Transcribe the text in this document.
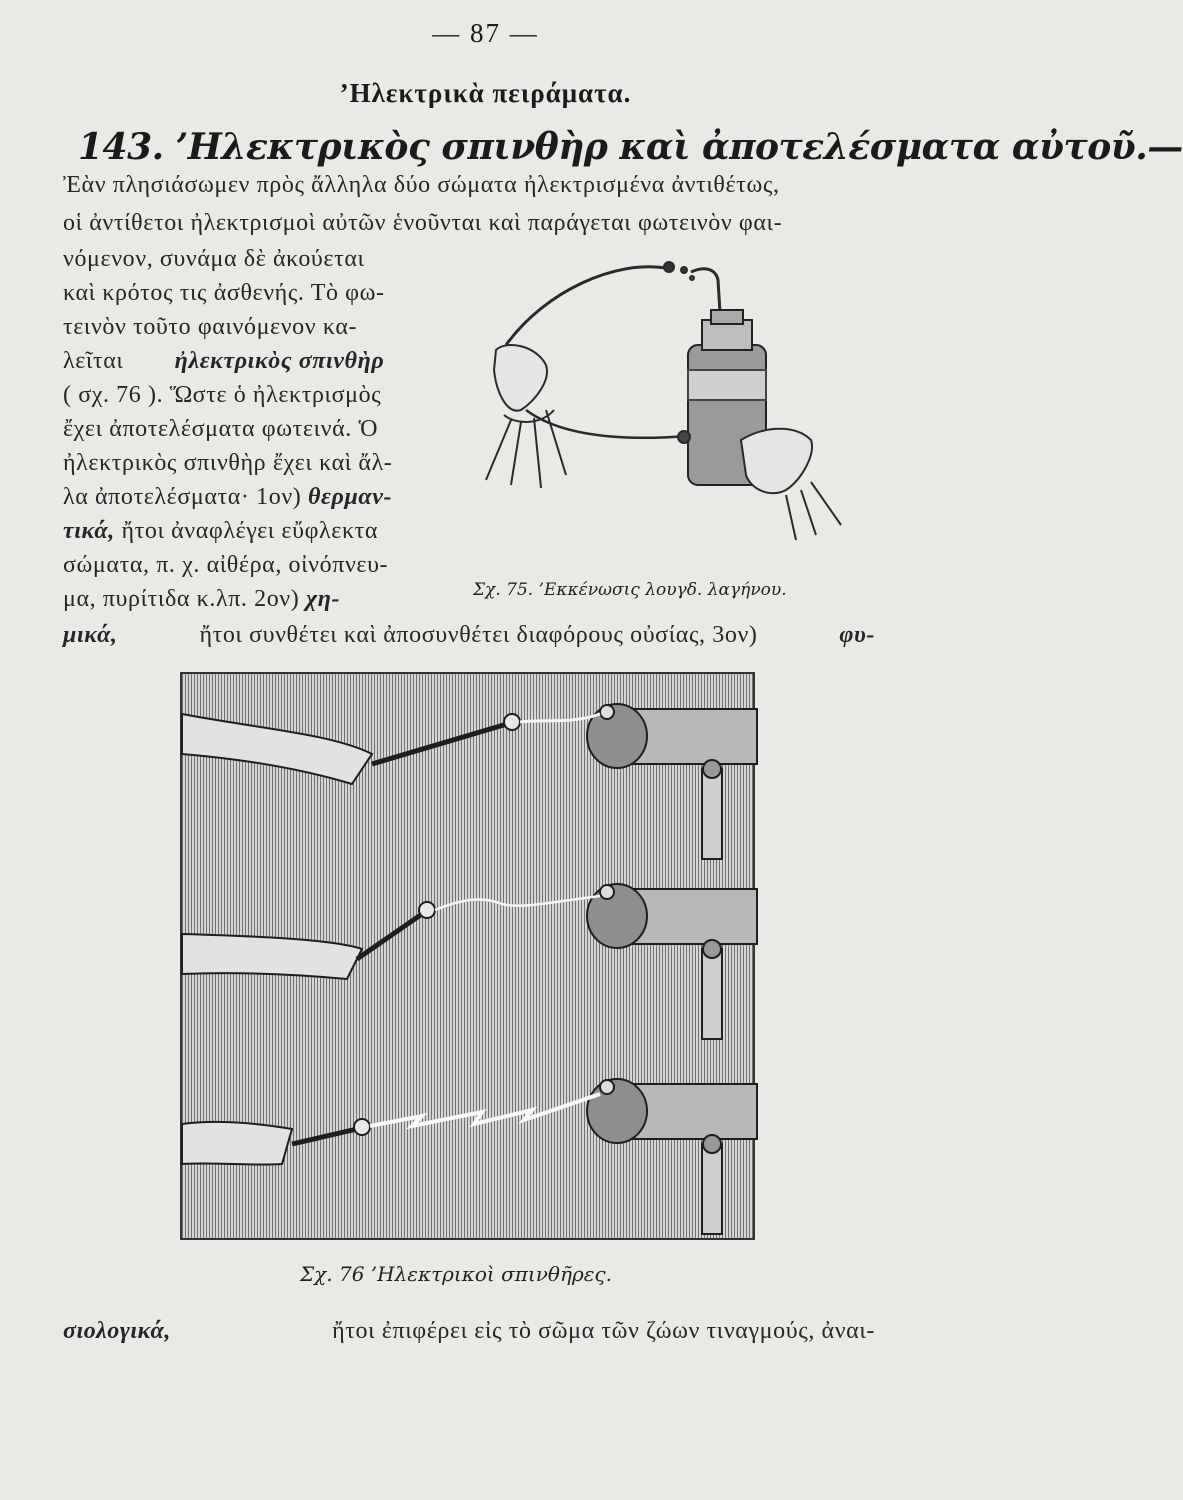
— 87 —
’Ηλεκτρικὰ πειράματα.
143. ’Ηλεκτρικὸς σπινθὴρ καὶ ἀποτελέσματα αὐτοῦ.—
Ἐὰν πλησιάσωμεν πρὸς ἄλληλα δύο σώματα ἠλεκτρισμένα ἀντιθέτως,
οἱ ἀντίθετοι ἠλεκτρισμοὶ αὐτῶν ἑνοῦνται καὶ παράγεται φωτεινὸν φαι-
νόμενον, συνάμα δὲ ἀκούεται
καὶ κρότος τις ἀσθενής. Τὸ φω-
τεινὸν τοῦτο φαινόμενον κα-
λεῖται ἠλεκτρικὸς σπινθὴρ
( σχ. 76 ). Ὥστε ὁ ἠλεκτρισμὸς
ἔχει ἀποτελέσματα φωτεινά. Ὁ
ἠλεκτρικὸς σπινθὴρ ἔχει καὶ ἄλ-
λα ἀποτελέσματα· 1ον) θερμαν-
τικά, ἤτοι ἀναφλέγει εὔφλεκτα
σώματα, π. χ. αἰθέρα, οἰνόπνευ-
μα, πυρίτιδα κ.λπ. 2ον) χη-
μικά,	ἤτοι συνθέτει καὶ ἀποσυνθέτει διαφόρους οὐσίας, 3ον)	φυ-
Σχ. 75. ’Εκκένωσις λουγδ. λαγήνου.
Σχ. 76 ’Ηλεκτρικοὶ σπινθῆρες.
σιολογικά,	ἤτοι ἐπιφέρει εἰς τὸ σῶμα τῶν ζώων τιναγμούς, ἀναι-
